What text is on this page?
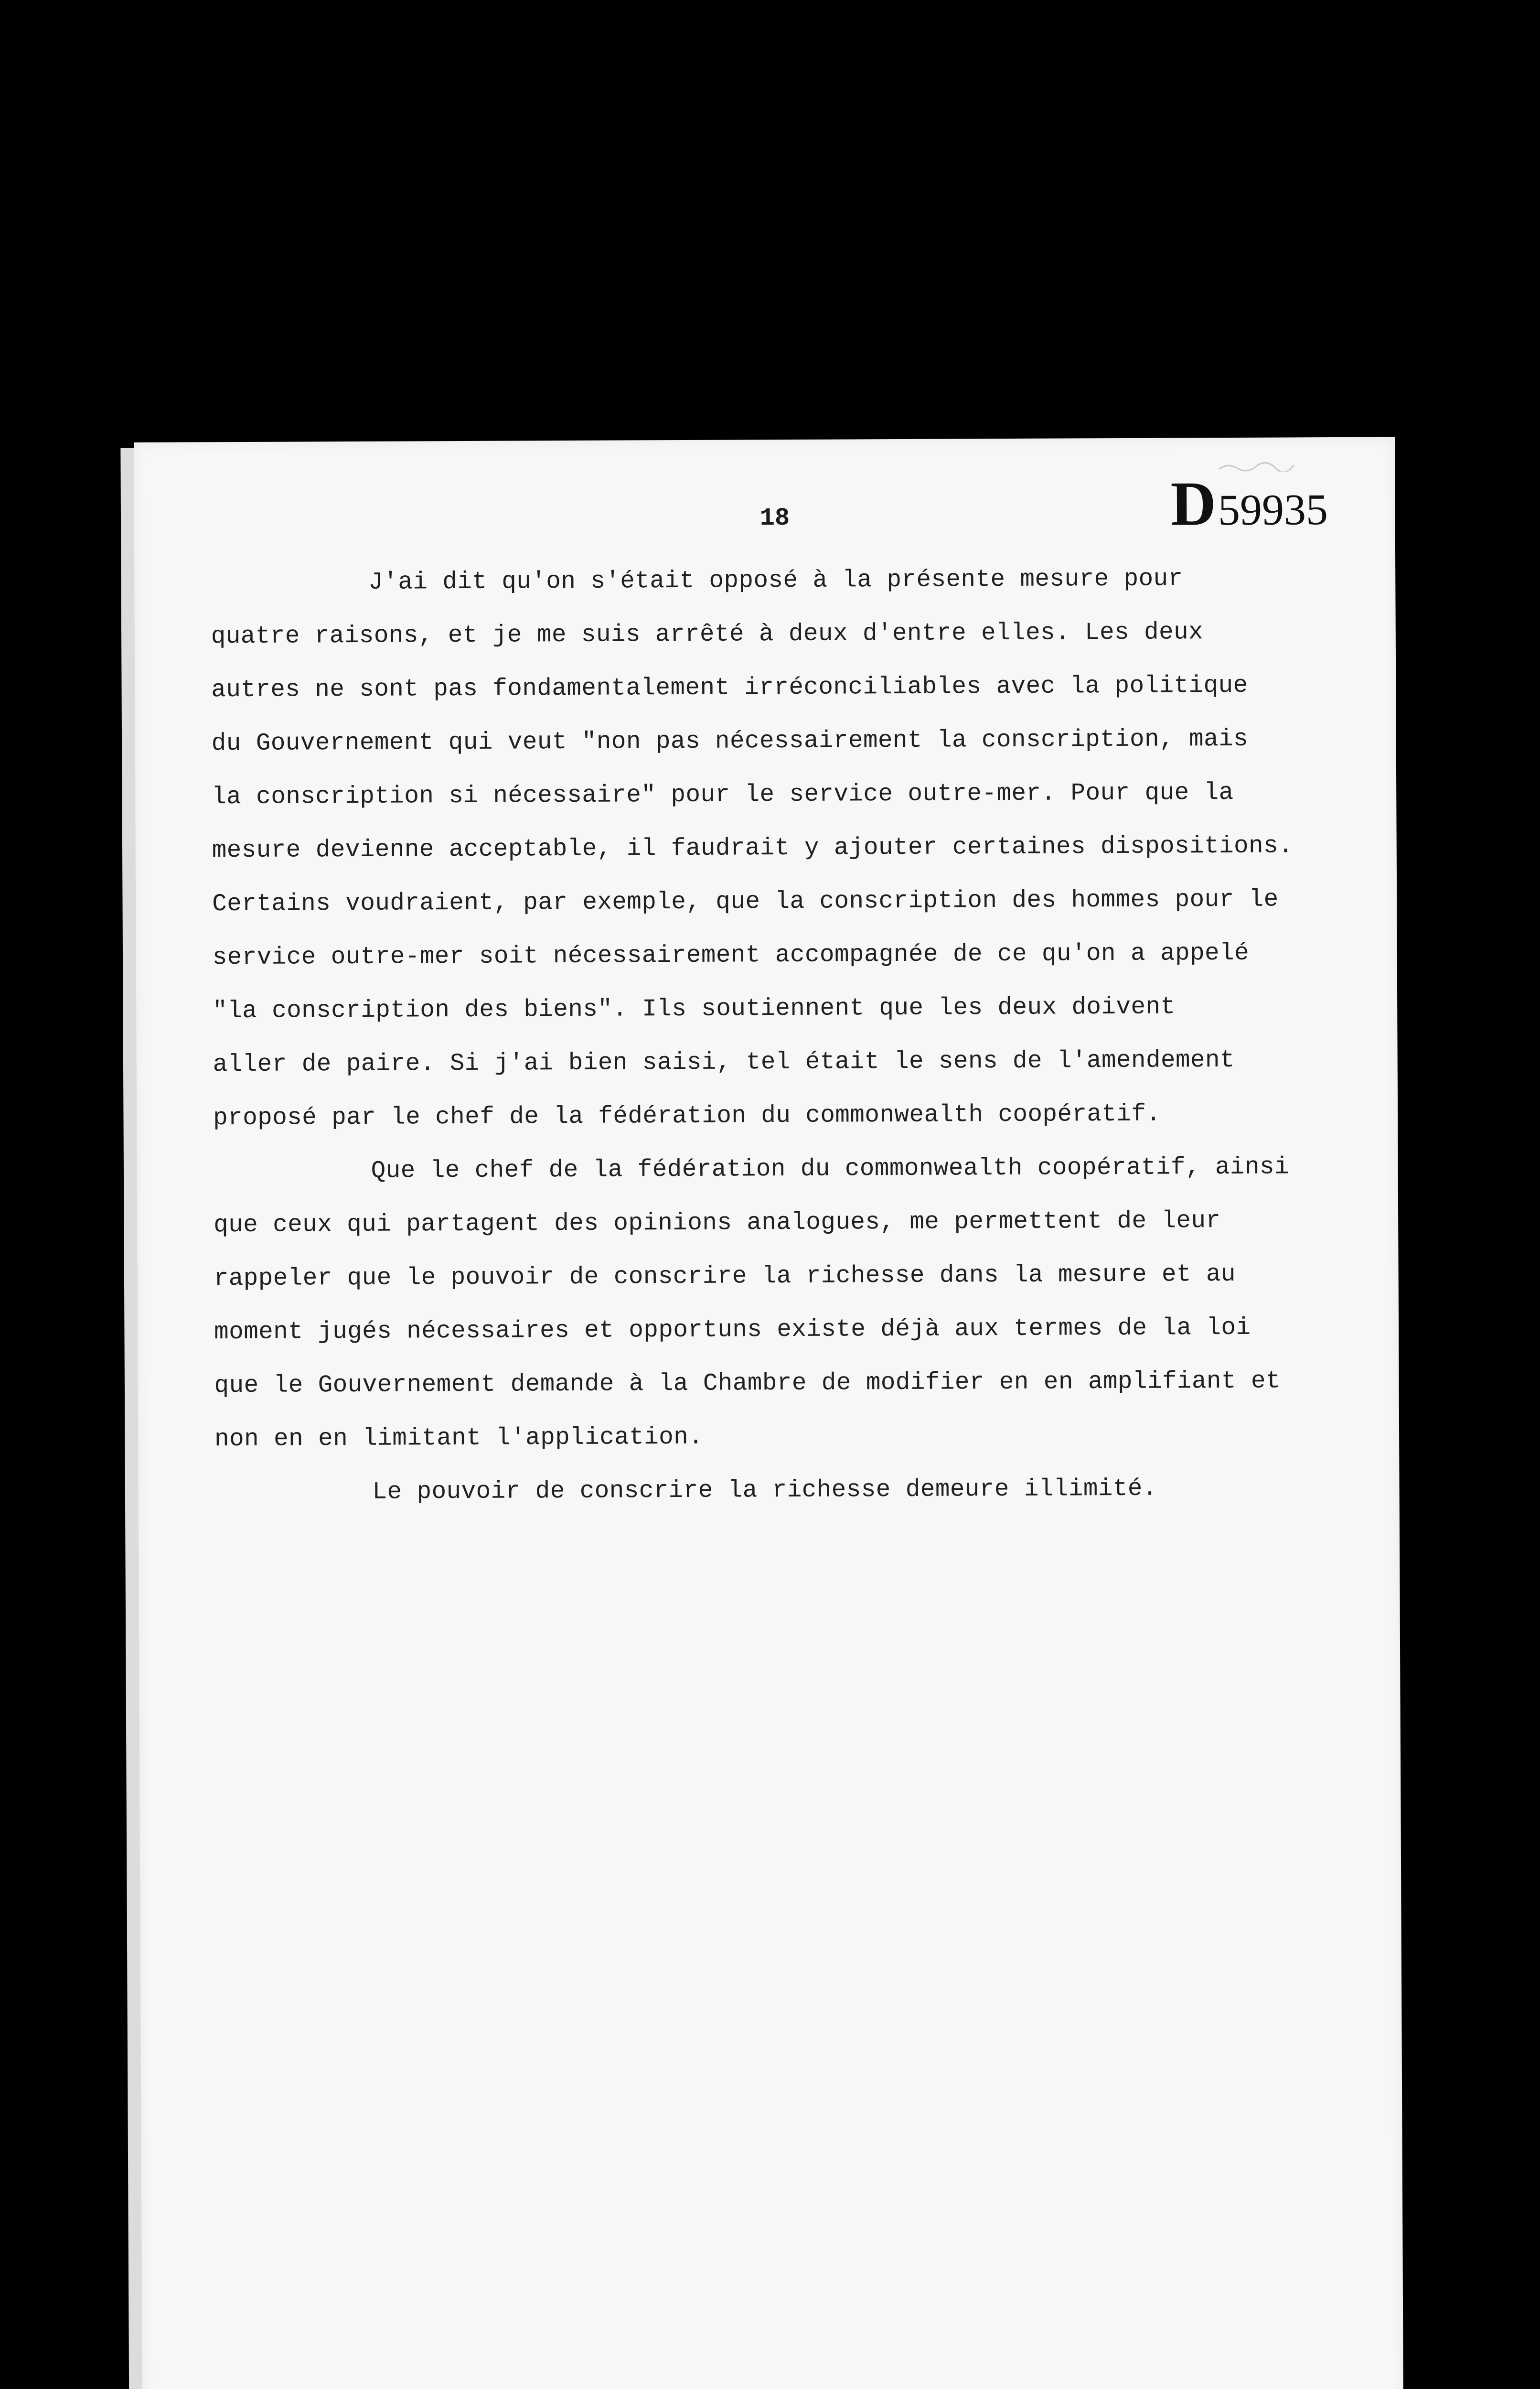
18	D 59935

J'ai dit qu'on s'était opposé à la présente mesure pour
quatre raisons, et je me suis arrêté à deux d'entre elles. Les deux
autres ne sont pas fondamentalement irréconciliables avec la politique
du Gouvernement qui veut "non pas nécessairement la conscription, mais
la conscription si nécessaire" pour le service outre-mer. Pour que la
mesure devienne acceptable, il faudrait y ajouter certaines dispositions.
Certains voudraient, par exemple, que la conscription des hommes pour le
service outre-mer soit nécessairement accompagnée de ce qu'on a appelé
"la conscription des biens". Ils soutiennent que les deux doivent
aller de paire. Si j'ai bien saisi, tel était le sens de l'amendement
proposé par le chef de la fédération du commonwealth coopératif.

Que le chef de la fédération du commonwealth coopératif, ainsi
que ceux qui partagent des opinions analogues, me permettent de leur
rappeler que le pouvoir de conscrire la richesse dans la mesure et au
moment jugés nécessaires et opportuns existe déjà aux termes de la loi
que le Gouvernement demande à la Chambre de modifier en en amplifiant et
non en en limitant l'application.

Le pouvoir de conscrire la richesse demeure illimité.
